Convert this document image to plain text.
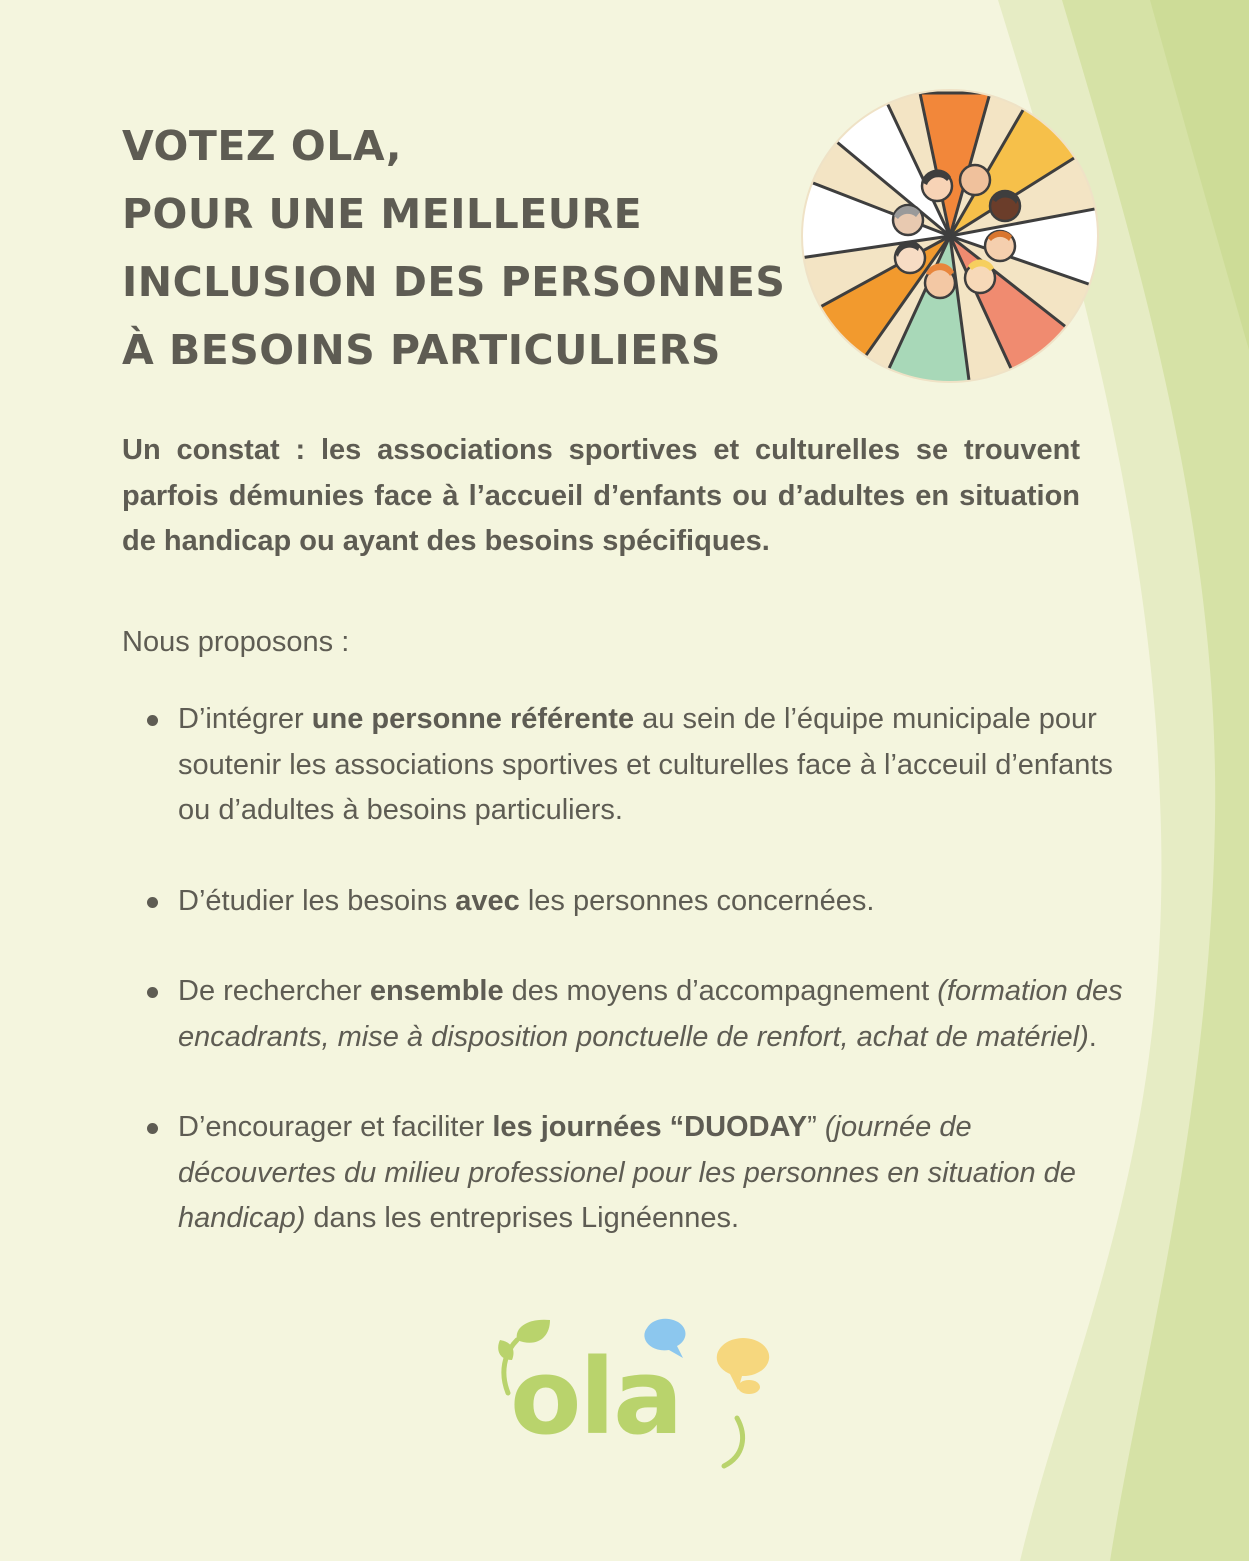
VOTEZ OLA,
POUR UNE MEILLEURE
INCLUSION DES PERSONNES
À BESOINS PARTICULIERS

Un constat : les associations sportives et culturelles se trouvent parfois démunies face à l’accueil d’enfants ou d’adultes en situation de handicap ou ayant des besoins spécifiques.

Nous proposons :

D’intégrer une personne référente au sein de l’équipe municipale pour soutenir les associations sportives et culturelles face à l’acceuil d’enfants ou d’adultes à besoins particuliers.
D’étudier les besoins avec les personnes concernées.
De rechercher ensemble des moyens d’accompagnement (formation des encadrants, mise à disposition ponctuelle de renfort, achat de matériel).
D’encourager et faciliter les journées “DUODAY” (journée de découvertes du milieu professionel pour les personnes en situation de handicap) dans les entreprises Lignéennes.
ola
